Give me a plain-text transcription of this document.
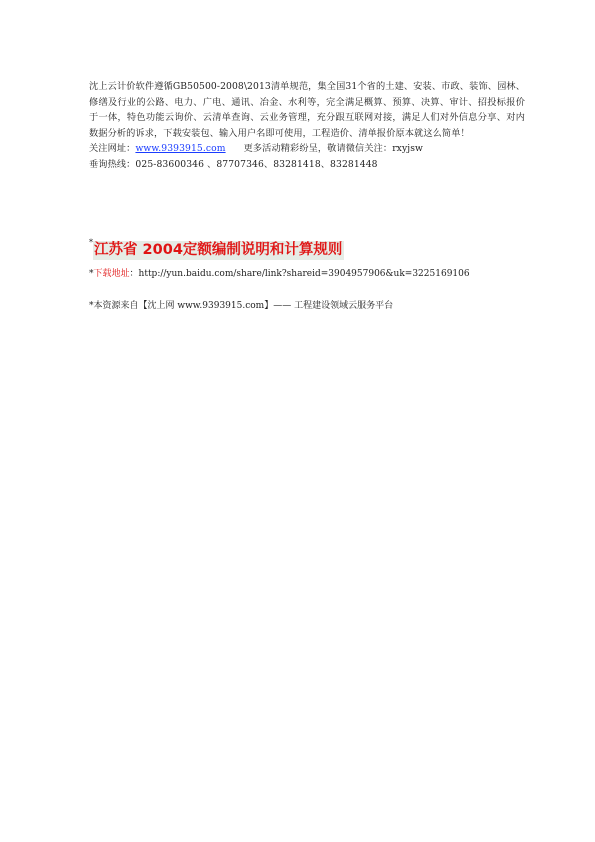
沈上云计价软件遵循GB50500-2008\2013清单规范，集全国31个省的土建、安装、市政、装饰、园林、修缮及行业的公路、电力、广电、通讯、冶金、水利等，完全满足概算、预算、决算、审计、招投标报价于一体，特色功能云询价、云清单查询、云业务管理，充分跟互联网对接，满足人们对外信息分享、对内数据分析的诉求，下载安装包、输入用户名即可使用，工程造价、清单报价原本就这么简单！

关注网址：www.9393915.com 更多活动精彩纷呈，敬请微信关注：rxyjsw
垂询热线：025-83600346 、87707346、83281418、83281448
*江苏省 2004定额编制说明和计算规则
*下载地址：http://yun.baidu.com/share/link?shareid=3904957906&uk=3225169106
*本资源来自【沈上网 www.9393915.com】—— 工程建设领域云服务平台
